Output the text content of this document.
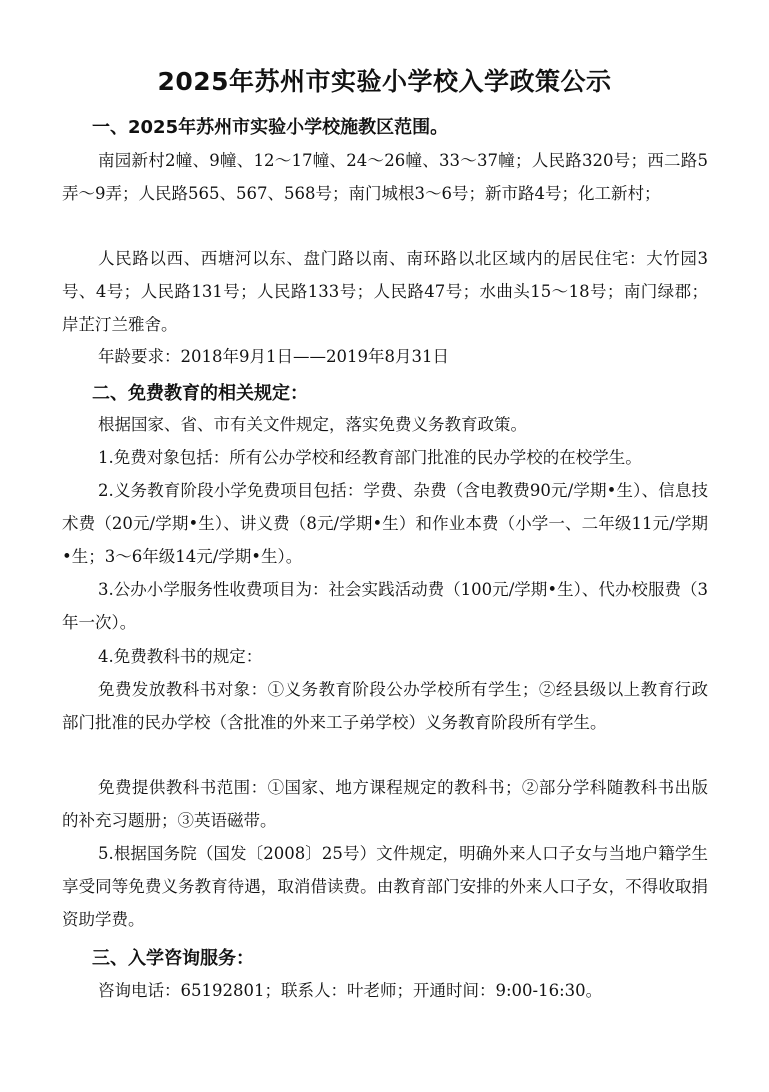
2025年苏州市实验小学校入学政策公示
一、2025年苏州市实验小学校施教区范围。
南园新村2幢、9幢、12～17幢、24～26幢、33～37幢；人民路320号；西二路5弄～9弄；人民路565、567、568号；南门城根3～6号；新市路4号；化工新村；
人民路以西、西塘河以东、盘门路以南、南环路以北区域内的居民住宅：大竹园3号、4号；人民路131号；人民路133号；人民路47号；水曲头15～18号；南门绿郡；岸芷汀兰雅舍。
年龄要求：2018年9月1日——2019年8月31日
二、免费教育的相关规定：
根据国家、省、市有关文件规定，落实免费义务教育政策。
1.免费对象包括：所有公办学校和经教育部门批准的民办学校的在校学生。
2.义务教育阶段小学免费项目包括：学费、杂费（含电教费90元/学期•生）、信息技术费（20元/学期•生）、讲义费（8元/学期•生）和作业本费（小学一、二年级11元/学期•生；3～6年级14元/学期•生）。
3.公办小学服务性收费项目为：社会实践活动费（100元/学期•生）、代办校服费（3年一次）。
4.免费教科书的规定：
免费发放教科书对象：①义务教育阶段公办学校所有学生；②经县级以上教育行政部门批准的民办学校（含批准的外来工子弟学校）义务教育阶段所有学生。
免费提供教科书范围：①国家、地方课程规定的教科书；②部分学科随教科书出版的补充习题册；③英语磁带。
5.根据国务院（国发〔2008〕25号）文件规定，明确外来人口子女与当地户籍学生享受同等免费义务教育待遇，取消借读费。由教育部门安排的外来人口子女，不得收取捐资助学费。
三、入学咨询服务：
咨询电话：65192801；联系人：叶老师；开通时间：9:00-16:30。
